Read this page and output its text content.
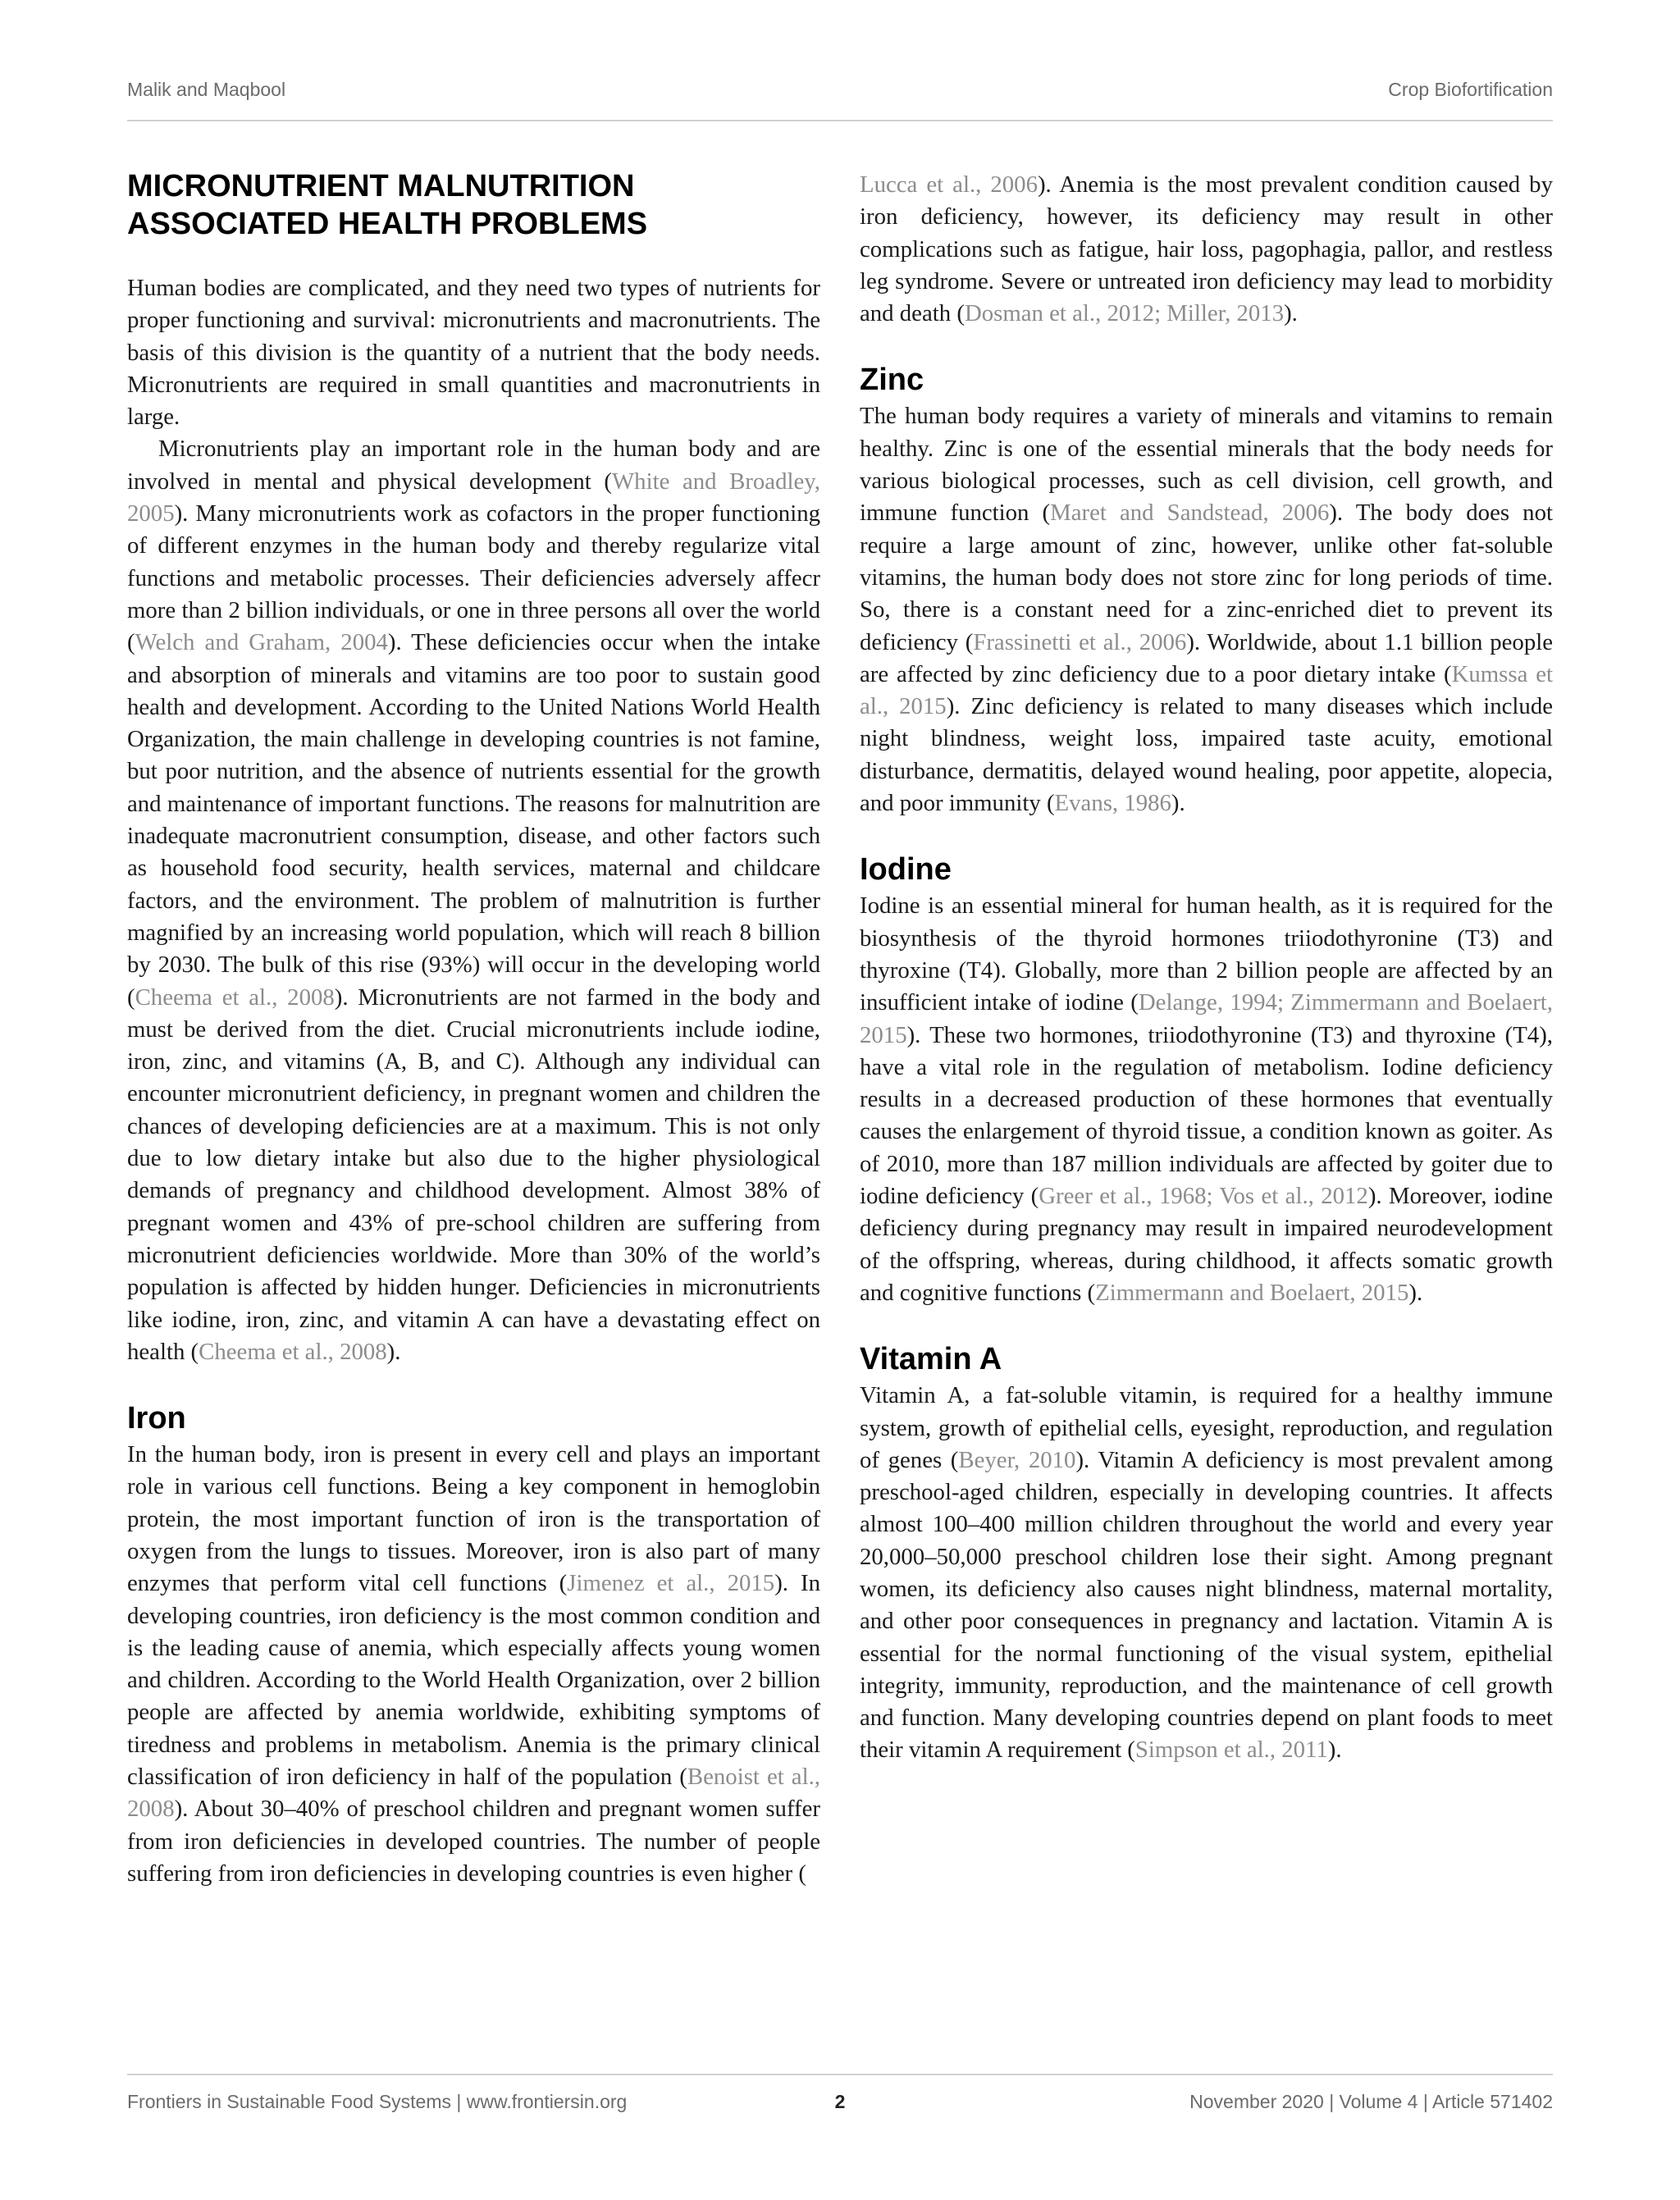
Malik and Maqbool	Crop Biofortification
MICRONUTRIENT MALNUTRITION ASSOCIATED HEALTH PROBLEMS

Human bodies are complicated, and they need two types of nutrients for proper functioning and survival: micronutrients and macronutrients. The basis of this division is the quantity of a nutrient that the body needs. Micronutrients are required in small quantities and macronutrients in large.

Micronutrients play an important role in the human body and are involved in mental and physical development (White and Broadley, 2005). Many micronutrients work as cofactors in the proper functioning of different enzymes in the human body and thereby regularize vital functions and metabolic processes. Their deficiencies adversely affecr more than 2 billion individuals, or one in three persons all over the world (Welch and Graham, 2004). These deficiencies occur when the intake and absorption of minerals and vitamins are too poor to sustain good health and development. According to the United Nations World Health Organization, the main challenge in developing countries is not famine, but poor nutrition, and the absence of nutrients essential for the growth and maintenance of important functions. The reasons for malnutrition are inadequate macronutrient consumption, disease, and other factors such as household food security, health services, maternal and childcare factors, and the environment. The problem of malnutrition is further magnified by an increasing world population, which will reach 8 billion by 2030. The bulk of this rise (93%) will occur in the developing world (Cheema et al., 2008). Micronutrients are not farmed in the body and must be derived from the diet. Crucial micronutrients include iodine, iron, zinc, and vitamins (A, B, and C). Although any individual can encounter micronutrient deficiency, in pregnant women and children the chances of developing deficiencies are at a maximum. This is not only due to low dietary intake but also due to the higher physiological demands of pregnancy and childhood development. Almost 38% of pregnant women and 43% of pre-school children are suffering from micronutrient deficiencies worldwide. More than 30% of the world’s population is affected by hidden hunger. Deficiencies in micronutrients like iodine, iron, zinc, and vitamin A can have a devastating effect on health (Cheema et al., 2008).

Iron

In the human body, iron is present in every cell and plays an important role in various cell functions. Being a key component in hemoglobin protein, the most important function of iron is the transportation of oxygen from the lungs to tissues. Moreover, iron is also part of many enzymes that perform vital cell functions (Jimenez et al., 2015). In developing countries, iron deficiency is the most common condition and is the leading cause of anemia, which especially affects young women and children. According to the World Health Organization, over 2 billion people are affected by anemia worldwide, exhibiting symptoms of tiredness and problems in metabolism. Anemia is the primary clinical classification of iron deficiency in half of the population (Benoist et al., 2008). About 30–40% of preschool children and pregnant women suffer from iron deficiencies in developed countries. The number of people suffering from iron deficiencies in developing countries is even higher (

Lucca et al., 2006). Anemia is the most prevalent condition caused by iron deficiency, however, its deficiency may result in other complications such as fatigue, hair loss, pagophagia, pallor, and restless leg syndrome. Severe or untreated iron deficiency may lead to morbidity and death (Dosman et al., 2012; Miller, 2013).

Zinc

The human body requires a variety of minerals and vitamins to remain healthy. Zinc is one of the essential minerals that the body needs for various biological processes, such as cell division, cell growth, and immune function (Maret and Sandstead, 2006). The body does not require a large amount of zinc, however, unlike other fat-soluble vitamins, the human body does not store zinc for long periods of time. So, there is a constant need for a zinc-enriched diet to prevent its deficiency (Frassinetti et al., 2006). Worldwide, about 1.1 billion people are affected by zinc deficiency due to a poor dietary intake (Kumssa et al., 2015). Zinc deficiency is related to many diseases which include night blindness, weight loss, impaired taste acuity, emotional disturbance, dermatitis, delayed wound healing, poor appetite, alopecia, and poor immunity (Evans, 1986).

Iodine

Iodine is an essential mineral for human health, as it is required for the biosynthesis of the thyroid hormones triiodothyronine (T3) and thyroxine (T4). Globally, more than 2 billion people are affected by an insufficient intake of iodine (Delange, 1994; Zimmermann and Boelaert, 2015). These two hormones, triiodothyronine (T3) and thyroxine (T4), have a vital role in the regulation of metabolism. Iodine deficiency results in a decreased production of these hormones that eventually causes the enlargement of thyroid tissue, a condition known as goiter. As of 2010, more than 187 million individuals are affected by goiter due to iodine deficiency (Greer et al., 1968; Vos et al., 2012). Moreover, iodine deficiency during pregnancy may result in impaired neurodevelopment of the offspring, whereas, during childhood, it affects somatic growth and cognitive functions (Zimmermann and Boelaert, 2015).

Vitamin A

Vitamin A, a fat-soluble vitamin, is required for a healthy immune system, growth of epithelial cells, eyesight, reproduction, and regulation of genes (Beyer, 2010). Vitamin A deficiency is most prevalent among preschool-aged children, especially in developing countries. It affects almost 100–400 million children throughout the world and every year 20,000–50,000 preschool children lose their sight. Among pregnant women, its deficiency also causes night blindness, maternal mortality, and other poor consequences in pregnancy and lactation. Vitamin A is essential for the normal functioning of the visual system, epithelial integrity, immunity, reproduction, and the maintenance of cell growth and function. Many developing countries depend on plant foods to meet their vitamin A requirement (Simpson et al., 2011).

Frontiers in Sustainable Food Systems | www.frontiersin.org	2	November 2020 | Volume 4 | Article 571402
